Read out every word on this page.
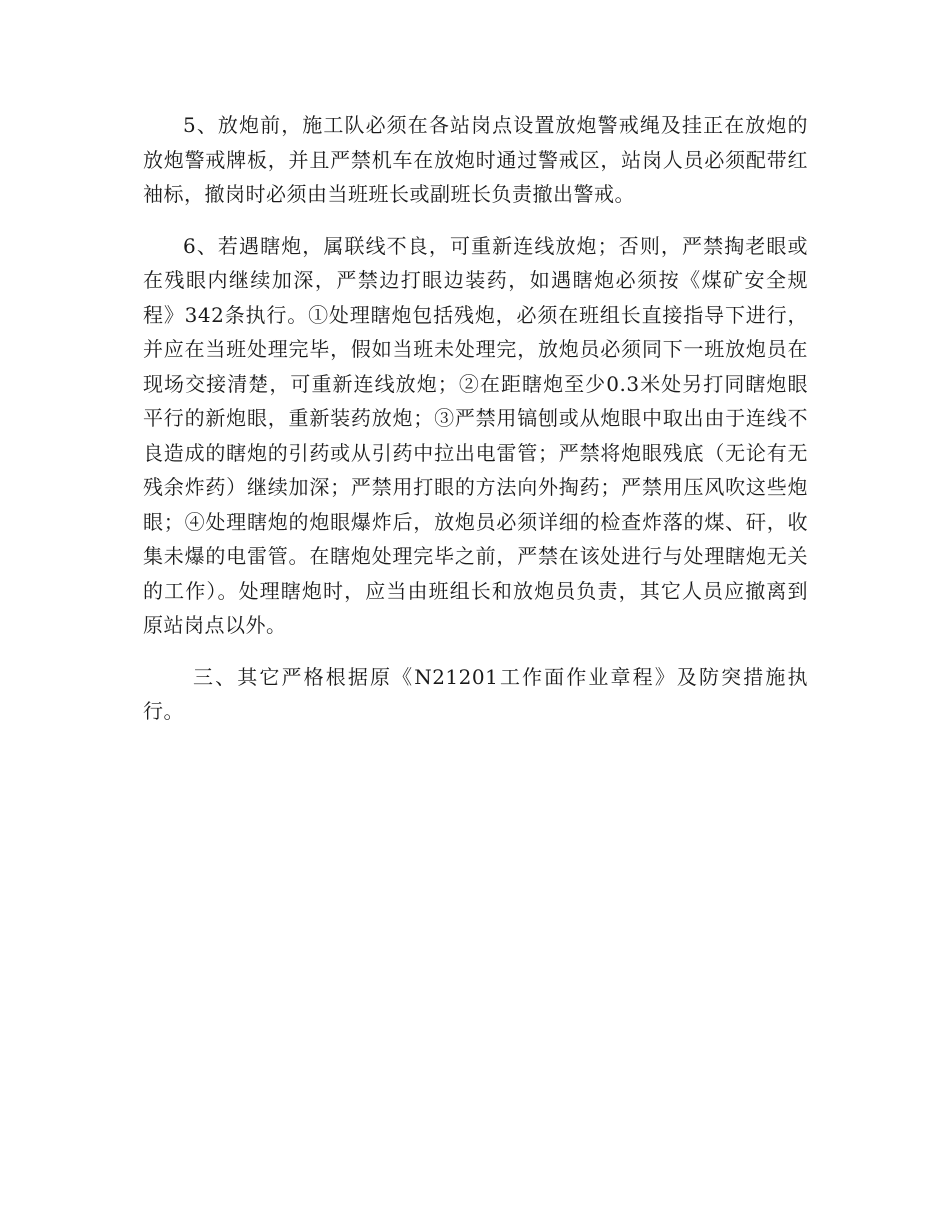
5、放炮前，施工队必须在各站岗点设置放炮警戒绳及挂正在放炮的放炮警戒牌板，并且严禁机车在放炮时通过警戒区，站岗人员必须配带红袖标，撤岗时必须由当班班长或副班长负责撤出警戒。

6、若遇瞎炮，属联线不良，可重新连线放炮；否则，严禁掏老眼或在残眼内继续加深，严禁边打眼边装药，如遇瞎炮必须按《煤矿安全规程》342条执行。①处理瞎炮包括残炮，必须在班组长直接指导下进行，并应在当班处理完毕，假如当班未处理完，放炮员必须同下一班放炮员在现场交接清楚，可重新连线放炮；②在距瞎炮至少0.3米处另打同瞎炮眼平行的新炮眼，重新装药放炮；③严禁用镐刨或从炮眼中取出由于连线不良造成的瞎炮的引药或从引药中拉出电雷管；严禁将炮眼残底（无论有无残余炸药）继续加深；严禁用打眼的方法向外掏药；严禁用压风吹这些炮眼；④处理瞎炮的炮眼爆炸后，放炮员必须详细的检查炸落的煤、矸，收集未爆的电雷管。在瞎炮处理完毕之前，严禁在该处进行与处理瞎炮无关的工作）。处理瞎炮时，应当由班组长和放炮员负责，其它人员应撤离到原站岗点以外。

三、其它严格根据原《N21201工作面作业章程》及防突措施执行。
